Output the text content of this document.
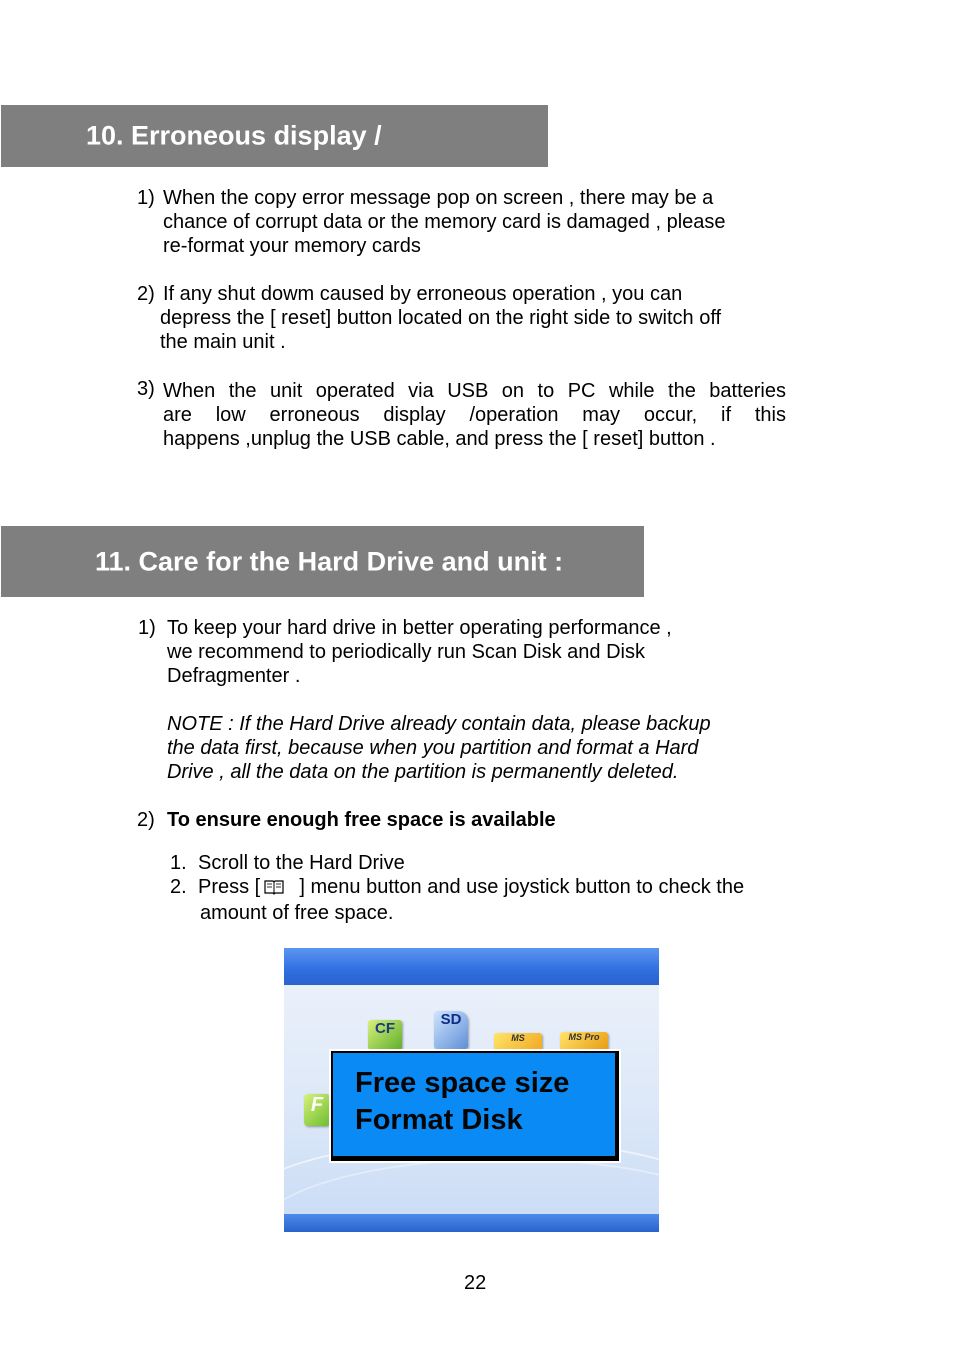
10. Erroneous display /
1) When the copy error message pop on screen , there may be a
chance of corrupt data or the memory card is damaged , please
re-format your memory cards
2) If any shut dowm caused by erroneous operation , you can
depress the [ reset] button located on the right side to switch off
the main unit .
3) When the unit operated via USB on to PC while the batteries
are low erroneous display /operation may occur, if this
happens ,unplug the USB cable, and press the [ reset] button .
11. Care for the Hard Drive and unit :
1) To keep your hard drive in better operating performance ,
we recommend to periodically run Scan Disk and Disk
Defragmenter .
NOTE : If the Hard Drive already contain data, please backup
the data first, because when you partition and format a Hard
Drive , all the data on the partition is permanently deleted.
2) To ensure enough free space is available
1. Scroll to the Hard Drive
2. Press [ ] menu button and use joystick button to check the
amount of free space.
CF
SD
MS	MS Pro
F
Free space size
Format Disk
22
